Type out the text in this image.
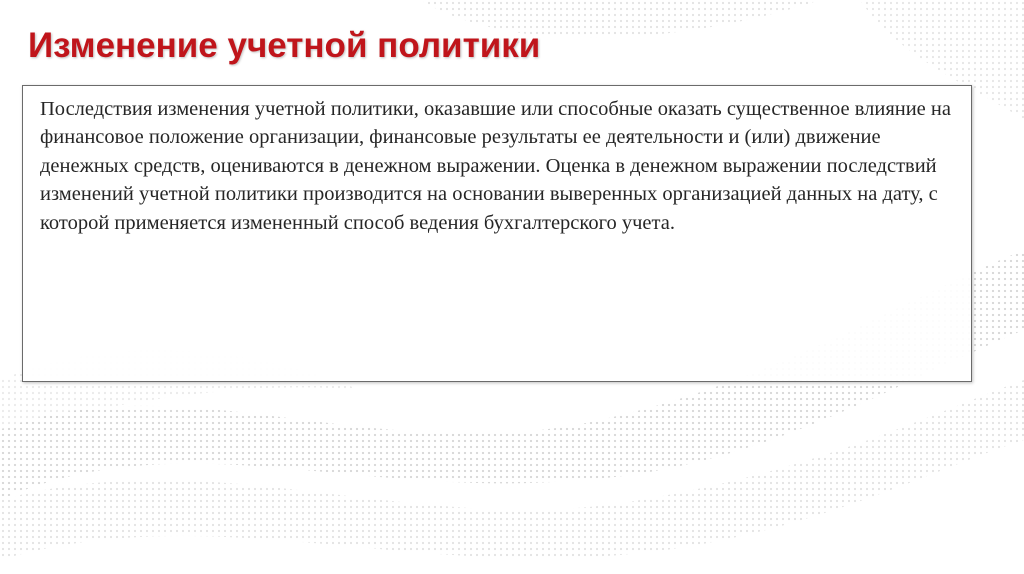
Изменение учетной политики

Последствия изменения учетной политики, оказавшие или способные оказать существенное влияние на финансовое положение организации, финансовые результаты ее деятельности и (или) движение денежных средств, оцениваются в денежном выражении. Оценка в денежном выражении последствий изменений учетной политики производится на основании выверенных организацией данных на дату, с которой применяется измененный способ ведения бухгалтерского учета.
